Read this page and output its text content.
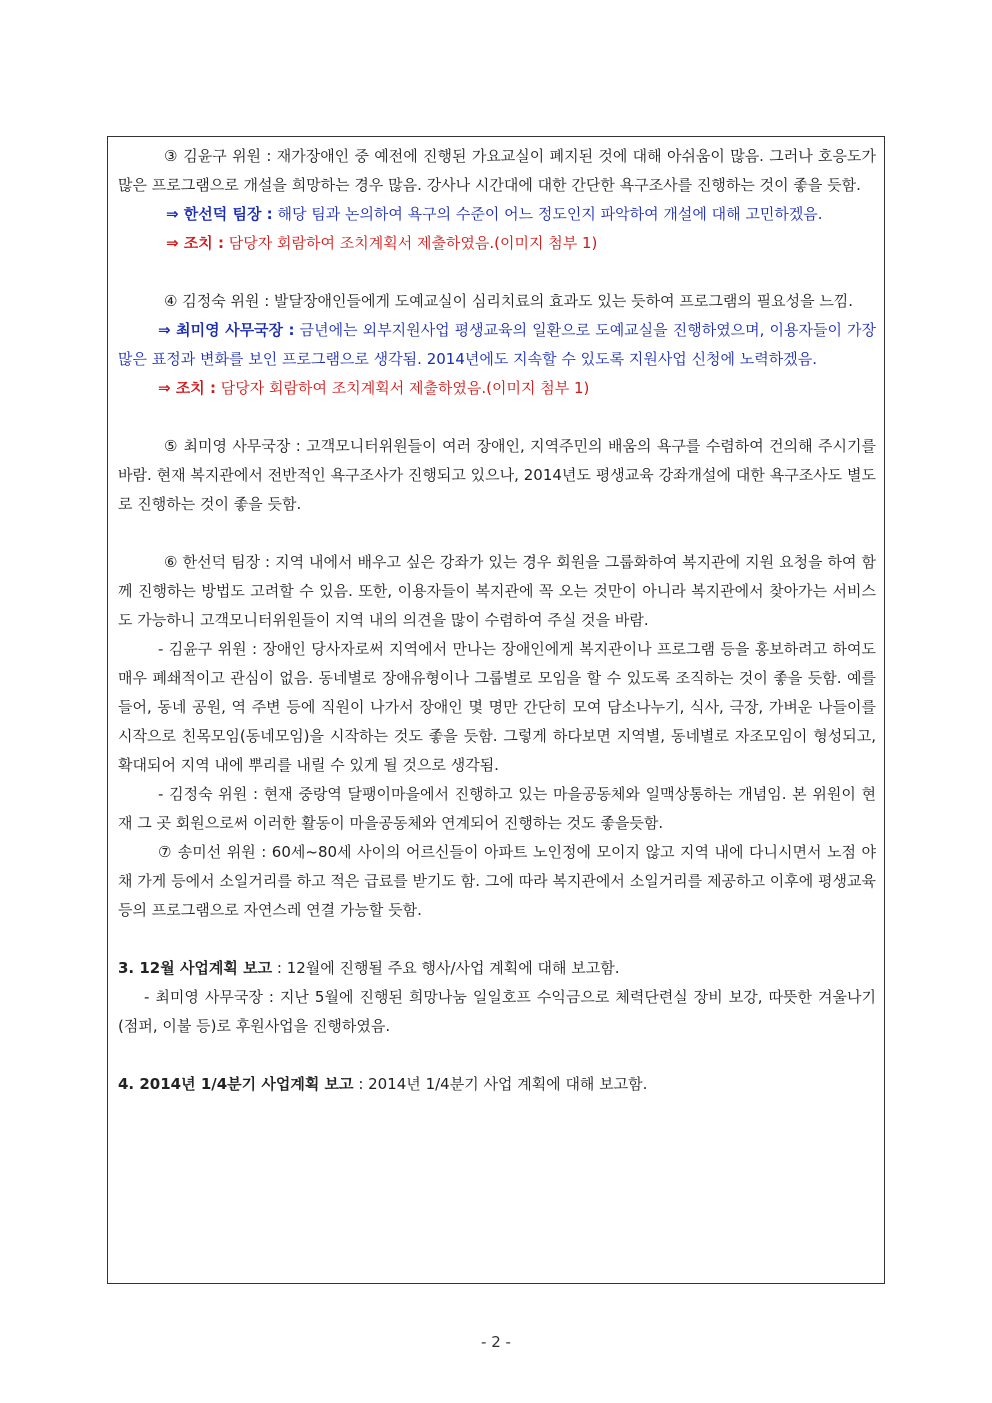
③ 김윤구 위원 : 재가장애인 중 예전에 진행된 가요교실이 폐지된 것에 대해 아쉬움이 많음. 그러나 호응도가 많은 프로그램으로 개설을 희망하는 경우 많음. 강사나 시간대에 대한 간단한 욕구조사를 진행하는 것이 좋을 듯함.

⇒ 한선덕 팀장 : 해당 팀과 논의하여 욕구의 수준이 어느 정도인지 파악하여 개설에 대해 고민하겠음.

⇒ 조치 : 담당자 회람하여 조치계획서 제출하였음.(이미지 첨부 1)

④ 김정숙 위원 : 발달장애인들에게 도예교실이 심리치료의 효과도 있는 듯하여 프로그램의 필요성을 느낌.

⇒ 최미영 사무국장 : 금년에는 외부지원사업 평생교육의 일환으로 도예교실을 진행하였으며, 이용자들이 가장 많은 표정과 변화를 보인 프로그램으로 생각됨. 2014년에도 지속할 수 있도록 지원사업 신청에 노력하겠음.

⇒ 조치 : 담당자 회람하여 조치계획서 제출하였음.(이미지 첨부 1)

⑤ 최미영 사무국장 : 고객모니터위원들이 여러 장애인, 지역주민의 배움의 욕구를 수렴하여 건의해 주시기를 바람. 현재 복지관에서 전반적인 욕구조사가 진행되고 있으나, 2014년도 평생교육 강좌개설에 대한 욕구조사도 별도로 진행하는 것이 좋을 듯함.

⑥ 한선덕 팀장 : 지역 내에서 배우고 싶은 강좌가 있는 경우 회원을 그룹화하여 복지관에 지원 요청을 하여 함께 진행하는 방법도 고려할 수 있음. 또한, 이용자들이 복지관에 꼭 오는 것만이 아니라 복지관에서 찾아가는 서비스도 가능하니 고객모니터위원들이 지역 내의 의견을 많이 수렴하여 주실 것을 바람.

- 김윤구 위원 : 장애인 당사자로써 지역에서 만나는 장애인에게 복지관이나 프로그램 등을 홍보하려고 하여도 매우 폐쇄적이고 관심이 없음. 동네별로 장애유형이나 그룹별로 모임을 할 수 있도록 조직하는 것이 좋을 듯함. 예를 들어, 동네 공원, 역 주변 등에 직원이 나가서 장애인 몇 명만 간단히 모여 담소나누기, 식사, 극장, 가벼운 나들이를 시작으로 친목모임(동네모임)을 시작하는 것도 좋을 듯함. 그렇게 하다보면 지역별, 동네별로 자조모임이 형성되고, 확대되어 지역 내에 뿌리를 내릴 수 있게 될 것으로 생각됨.

- 김정숙 위원 : 현재 중랑역 달팽이마을에서 진행하고 있는 마을공동체와 일맥상통하는 개념임. 본 위원이 현재 그 곳 회원으로써 이러한 활동이 마을공동체와 연계되어 진행하는 것도 좋을듯함.

⑦ 송미선 위원 : 60세~80세 사이의 어르신들이 아파트 노인정에 모이지 않고 지역 내에 다니시면서 노점 야채 가게 등에서 소일거리를 하고 적은 급료를 받기도 함. 그에 따라 복지관에서 소일거리를 제공하고 이후에 평생교육 등의 프로그램으로 자연스레 연결 가능할 듯함.

3. 12월 사업계획 보고 : 12월에 진행될 주요 행사/사업 계획에 대해 보고함.

- 최미영 사무국장 : 지난 5월에 진행된 희망나눔 일일호프 수익금으로 체력단련실 장비 보강, 따뜻한 겨울나기(점퍼, 이불 등)로 후원사업을 진행하였음.

4. 2014년 1/4분기 사업계획 보고 : 2014년 1/4분기 사업 계획에 대해 보고함.

- 2 -
